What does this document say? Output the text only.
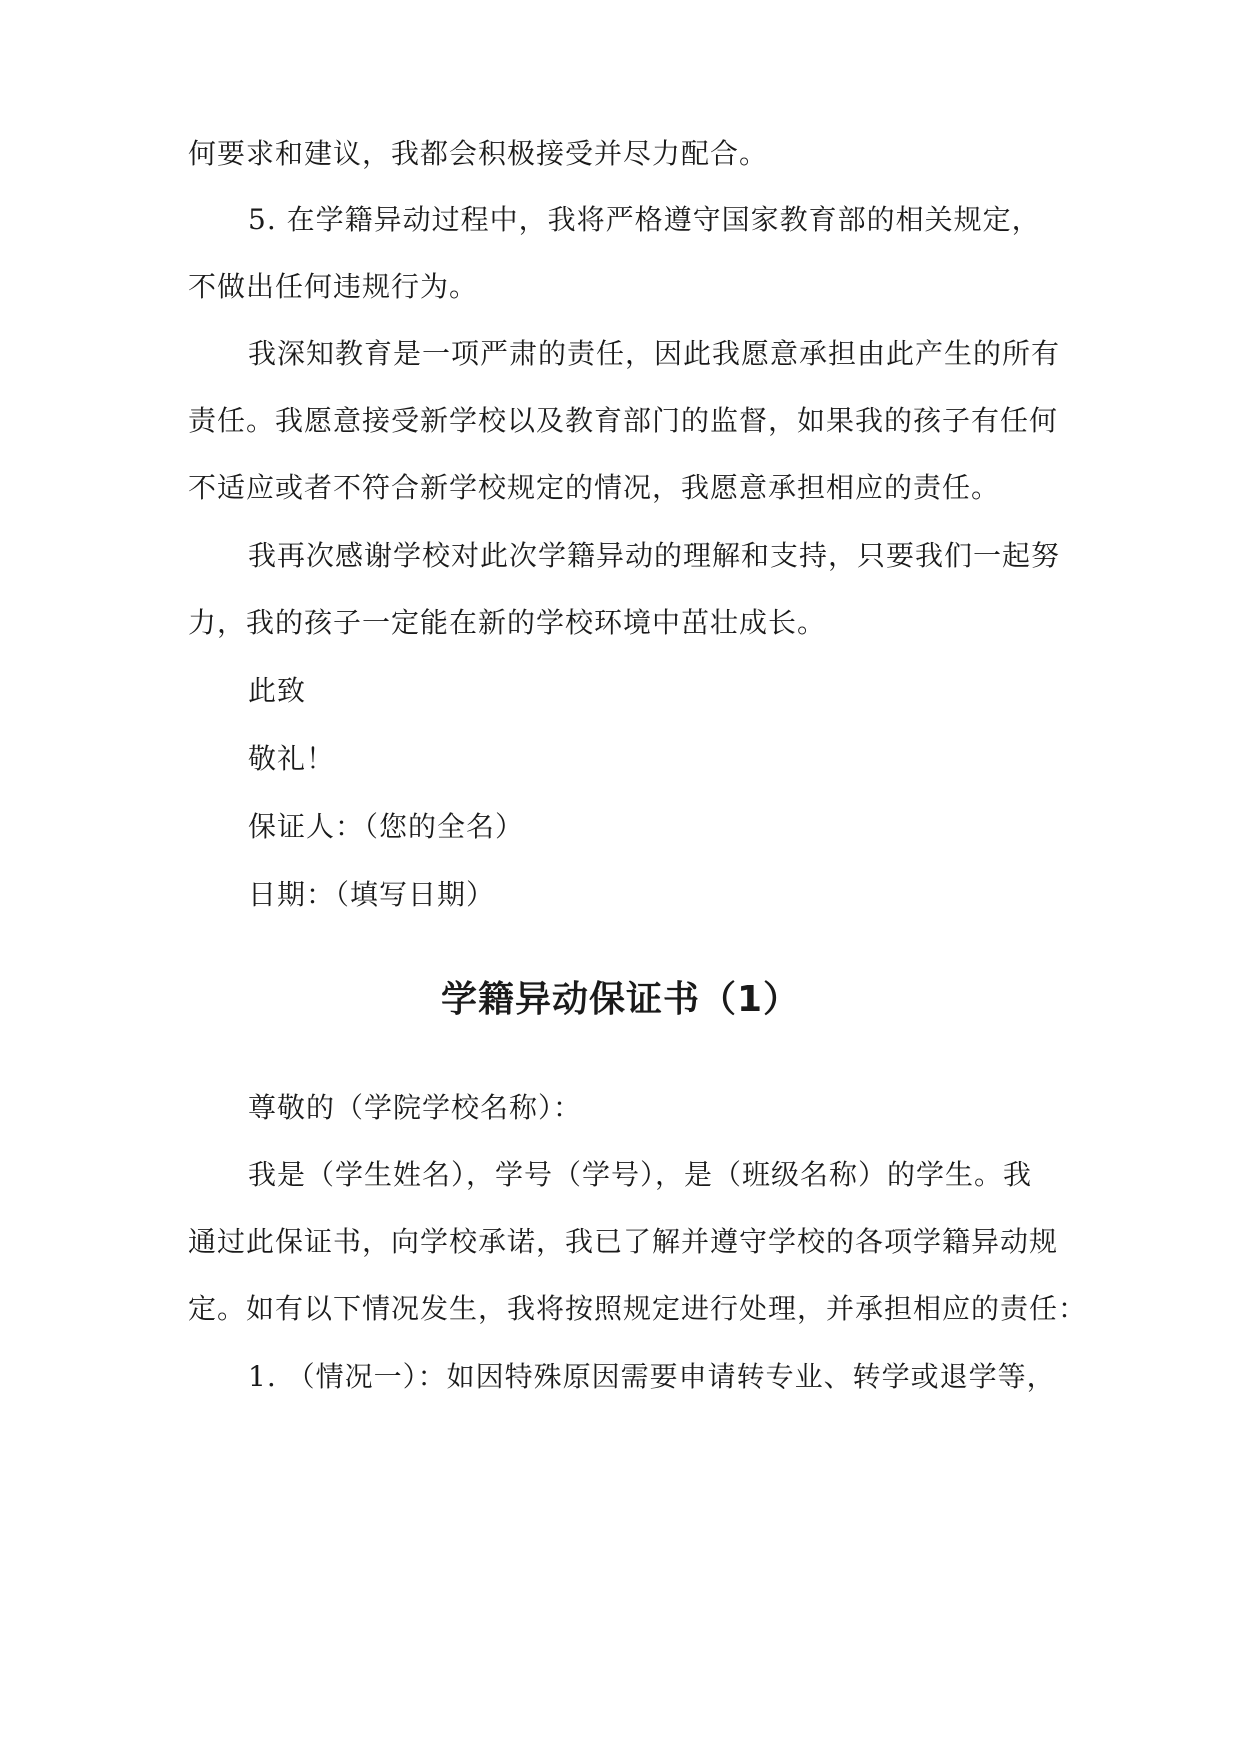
何要求和建议，我都会积极接受并尽力配合。
5. 在学籍异动过程中，我将严格遵守国家教育部的相关规定，
不做出任何违规行为。
我深知教育是一项严肃的责任，因此我愿意承担由此产生的所有
责任。我愿意接受新学校以及教育部门的监督，如果我的孩子有任何
不适应或者不符合新学校规定的情况，我愿意承担相应的责任。
我再次感谢学校对此次学籍异动的理解和支持，只要我们一起努
力，我的孩子一定能在新的学校环境中茁壮成长。
此致
敬礼！
保证人：（您的全名）
日期：（填写日期）
学籍异动保证书（1）
尊敬的（学院学校名称）：
我是（学生姓名），学号（学号），是（班级名称）的学生。我
通过此保证书，向学校承诺，我已了解并遵守学校的各项学籍异动规
定。如有以下情况发生，我将按照规定进行处理，并承担相应的责任：
1. （情况一）：如因特殊原因需要申请转专业、转学或退学等，
